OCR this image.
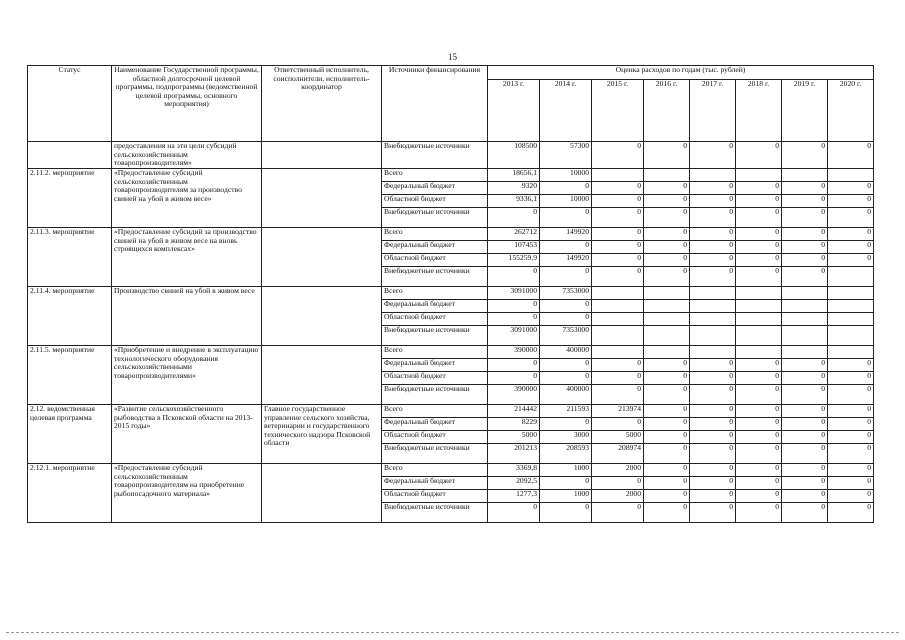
15
Статус	Наименование Государственной программы, областной долгосрочной целевой программы, подпрограммы (ведомственной целевой программы, основного мероприятия)	Ответственный исполнитель, соисполнители, исполнитель-координатор	Источники финансирования	Оценка расходов по годам (тыс. рублей)							
				2013 г.	2014 г.	2015 г.	2016 г.	2017 г.	2018 г.	2019 г.	2020 г.
	предоставления на эти цели субсидий сельскохозяйственным товаропроизводителям»		Внебюджетные источники	108500	57300	0	0	0	0	0	0
2.11.2. мероприятие	«Предоставление субсидий сельскохозяйственным товаропроизводителям за производство свиней на убой в живом весе»		Всего	18656,1	10000						
			Федеральный бюджет	9320	0	0	0	0	0	0	0
			Областной бюджет	9336,1	10000	0	0	0	0	0	0
			Внебюджетные источники	0	0	0	0	0	0	0	0
2.11.3. мероприятие	«Предоставление субсидий за производство свиней на убой в живом весе на вновь строящихся комплексах»		Всего	262712	149920	0	0	0	0	0	0
			Федеральный бюджет	107453	0	0	0	0	0	0	0
			Областной бюджет	155259,9	149920	0	0	0	0	0	0
			Внебюджетные источники	0	0	0	0	0	0	0	
2.11.4. мероприятие	Производство свиней на убой в живом весе		Всего	3091000	7353000						
			Федеральный бюджет	0	0						
			Областной бюджет	0	0						
			Внебюджетные источники	3091000	7353000						
2.11.5. мероприятие	«Приобретение и внедрение в эксплуатацию технологического оборудования сельскохозяйственными товаропроизводителями»		Всего	390000	400000						
			Федеральный бюджет	0	0	0	0	0	0	0	0
			Областной бюджет	0	0	0	0	0	0	0	0
			Внебюджетные источники	390000	400000	0	0	0	0	0	0
2.12. ведомственная целевая программа	«Развитие сельскохозяйственного рыбоводства в Псковской области на 2013-2015 годы»	Главное государственное управление сельского хозяйства, ветеринарии и государственного технического надзора Псковской области	Всего	214442	211593	213974	0	0	0	0	0
			Федеральный бюджет	8229	0	0	0	0	0	0	0
			Областной бюджет	5000	3000	5000	0	0	0	0	0
			Внебюджетные источники	201213	208593	208974	0	0	0	0	0
2.12.1. мероприятие	«Предоставление субсидий сельскохозяйственным товаропроизводителям на приобретение рыбопосадочного материала»		Всего	3369,8	1000	2000	0	0	0	0	0
			Федеральный бюджет	2092,5	0	0	0	0	0	0	0
			Областной бюджет	1277,3	1000	2000	0	0	0	0	0
			Внебюджетные источники	0	0	0	0	0	0	0	0
